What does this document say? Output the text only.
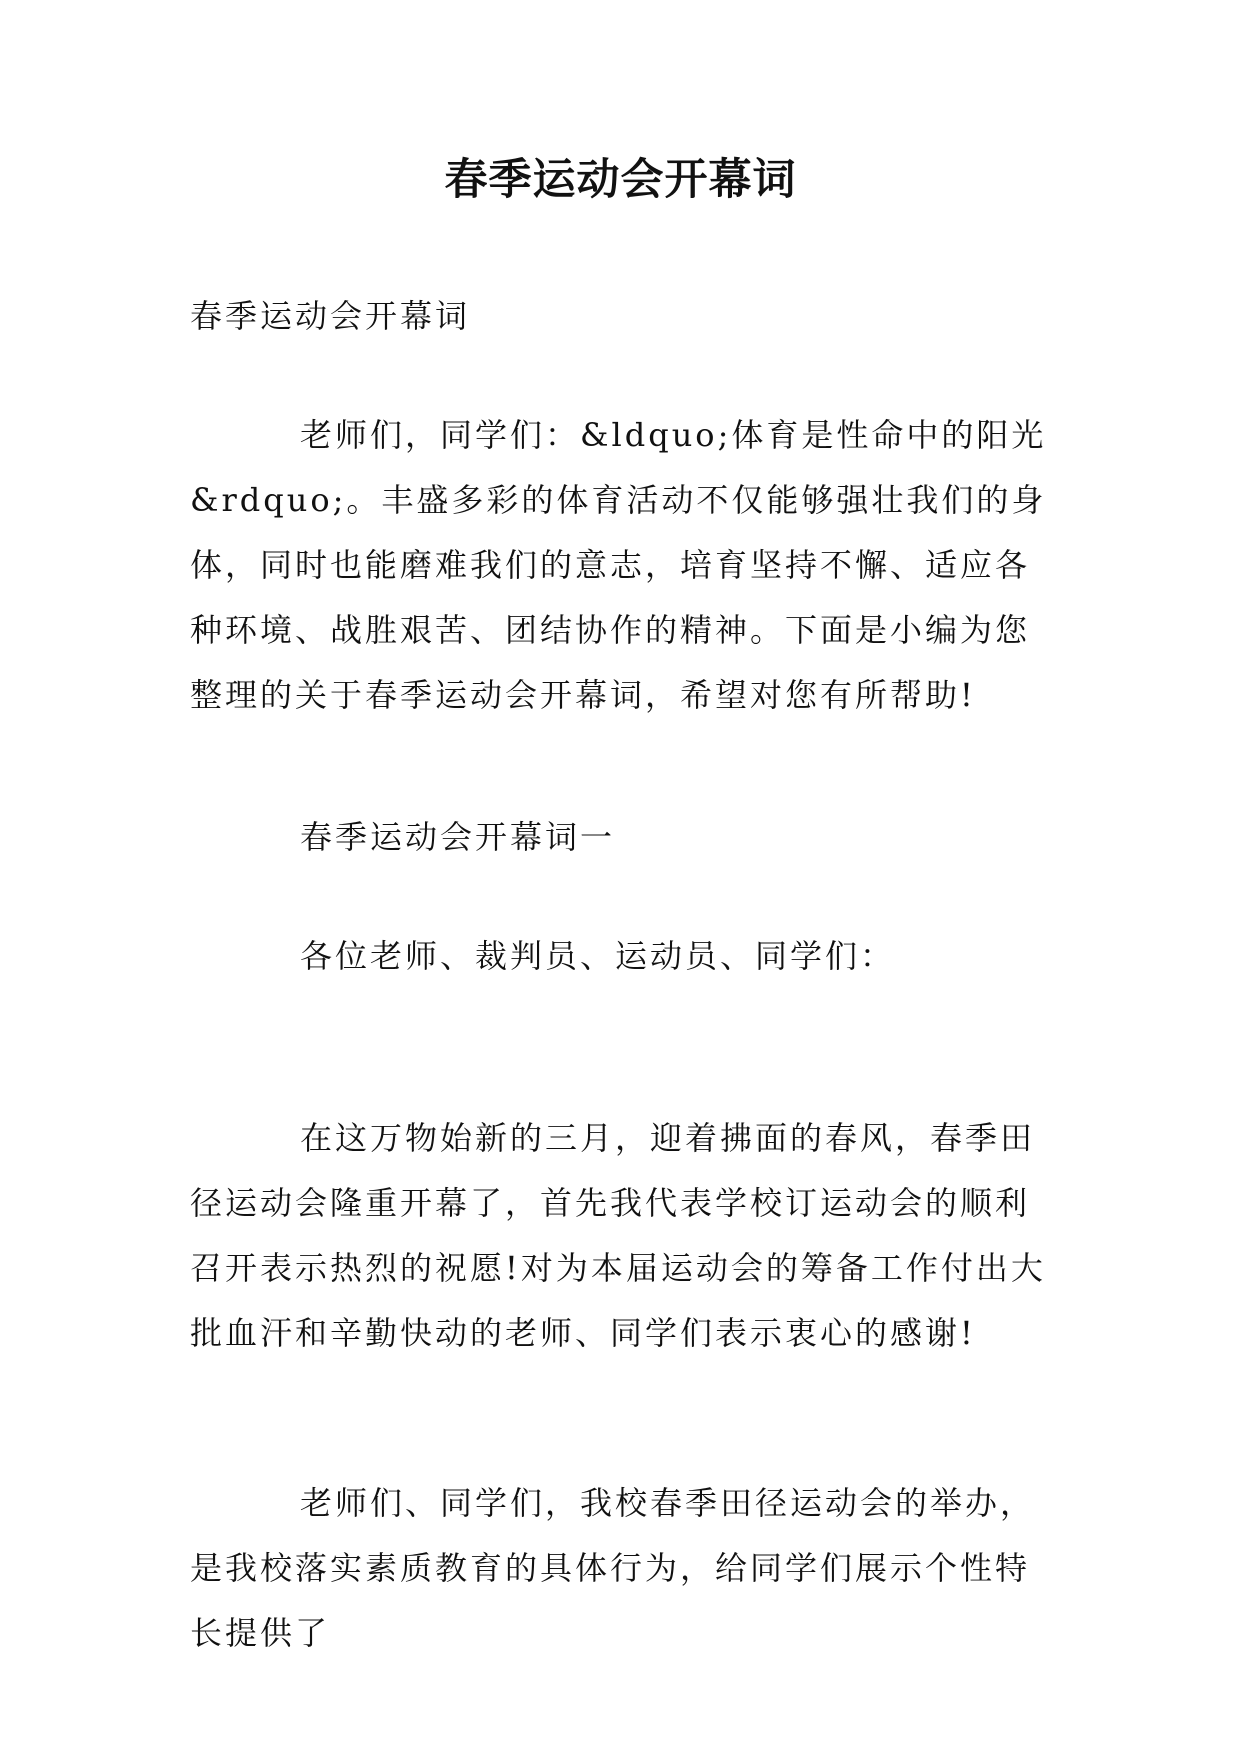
春季运动会开幕词
春季运动会开幕词

老师们，同学们：&ldquo;体育是性命中的阳光&rdquo;。丰盛多彩的体育活动不仅能够强壮我们的身体，同时也能磨难我们的意志，培育坚持不懈、适应各种环境、战胜艰苦、团结协作的精神。下面是小编为您整理的关于春季运动会开幕词，希望对您有所帮助!

春季运动会开幕词一
各位老师、裁判员、运动员、同学们：

在这万物始新的三月，迎着拂面的春风，春季田径运动会隆重开幕了，首先我代表学校订运动会的顺利召开表示热烈的祝愿!对为本届运动会的筹备工作付出大批血汗和辛勤快动的老师、同学们表示衷心的感谢!

老师们、同学们，我校春季田径运动会的举办，是我校落实素质教育的具体行为，给同学们展示个性特长提供了
